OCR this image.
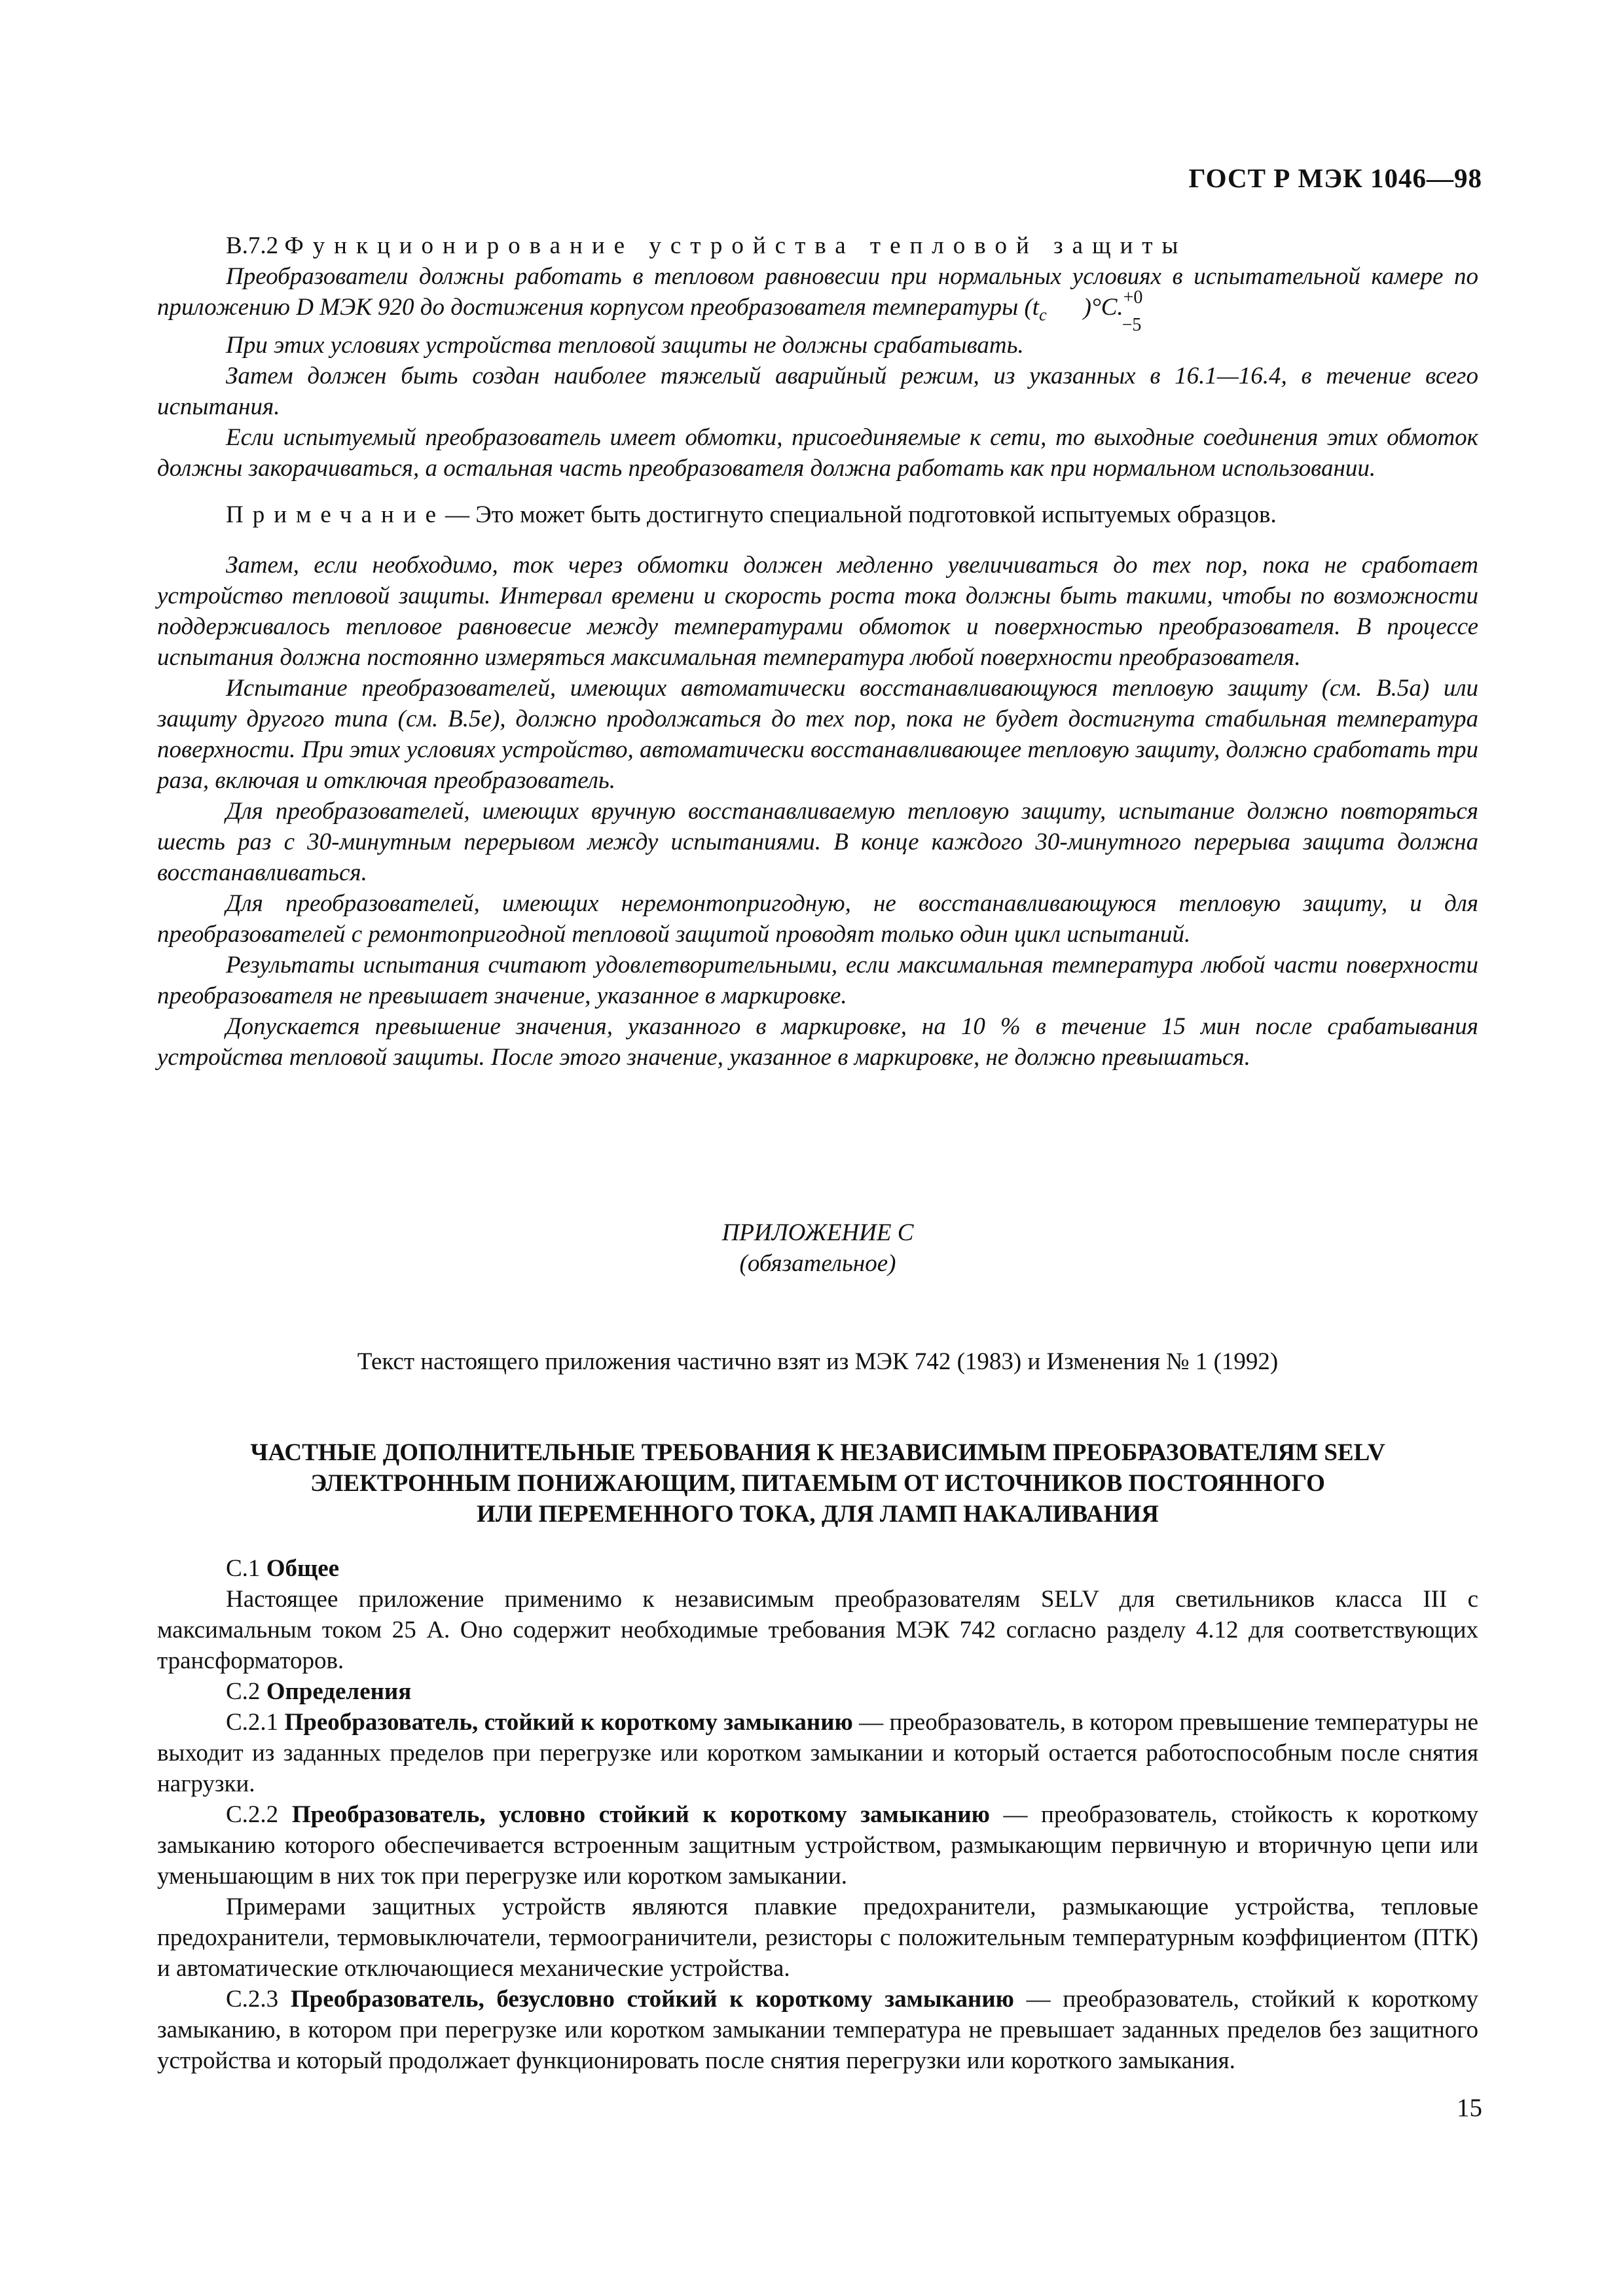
ГОСТ Р МЭК 1046—98

B.7.2 Функционирование устройства тепловой защиты

Преобразователи должны работать в тепловом равновесии при нормальных условиях в испытательной камере по приложению D МЭК 920 до достижения корпусом преобразователя температуры ($t_c$
+0
−5
)°C.

При этих условиях устройства тепловой защиты не должны срабатывать.

Затем должен быть создан наиболее тяжелый аварийный режим, из указанных в 16.1—16.4, в течение всего испытания.

Если испытуемый преобразователь имеет обмотки, присоединяемые к сети, то выходные соединения этих обмоток должны закорачиваться, а остальная часть преобразователя должна работать как при нормальном использовании.

Примечание— Это может быть достигнуто специальной подготовкой испытуемых образцов.

Затем, если необходимо, ток через обмотки должен медленно увеличиваться до тех пор, пока не сработает устройство тепловой защиты. Интервал времени и скорость роста тока должны быть такими, чтобы по возможности поддерживалось тепловое равновесие между температурами обмоток и поверхностью преобразователя. В процессе испытания должна постоянно измеряться максимальная температура любой поверхности преобразователя.

Испытание преобразователей, имеющих автоматически восстанавливающуюся тепловую защиту (см. В.5а) или защиту другого типа (см. В.5е), должно продолжаться до тех пор, пока не будет достигнута стабильная температура поверхности. При этих условиях устройство, автоматически восстанавливающее тепловую защиту, должно сработать три раза, включая и отключая преобразователь.

Для преобразователей, имеющих вручную восстанавливаемую тепловую защиту, испытание должно повторяться шесть раз с 30-минутным перерывом между испытаниями. В конце каждого 30-минутного перерыва защита должна восстанавливаться.

Для преобразователей, имеющих неремонтопригодную, не восстанавливающуюся тепловую защиту, и для преобразователей с ремонтопригодной тепловой защитой проводят только один цикл испытаний.

Результаты испытания считают удовлетворительными, если максимальная температура любой части поверхности преобразователя не превышает значение, указанное в маркировке.

Допускается превышение значения, указанного в маркировке, на 10 % в течение 15 мин после срабатывания устройства тепловой защиты. После этого значение, указанное в маркировке, не должно превышаться.

ПРИЛОЖЕНИЕ С

(обязательное)

Текст настоящего приложения частично взят из МЭК 742 (1983) и Изменения № 1 (1992)

ЧАСТНЫЕ ДОПОЛНИТЕЛЬНЫЕ ТРЕБОВАНИЯ К НЕЗАВИСИМЫМ ПРЕОБРАЗОВАТЕЛЯМ SELV

ЭЛЕКТРОННЫМ ПОНИЖАЮЩИМ, ПИТАЕМЫМ ОТ ИСТОЧНИКОВ ПОСТОЯННОГО

ИЛИ ПЕРЕМЕННОГО ТОКА, ДЛЯ ЛАМП НАКАЛИВАНИЯ

С.1 Общее

Настоящее приложение применимо к независимым преобразователям SELV для светильников класса III с максимальным током 25 А. Оно содержит необходимые требования МЭК 742 согласно разделу 4.12 для соответствующих трансформаторов.

С.2 Определения

С.2.1 Преобразователь, стойкий к короткому замыканию — преобразователь, в котором превышение температуры не выходит из заданных пределов при перегрузке или коротком замыкании и который остается работоспособным после снятия нагрузки.

С.2.2 Преобразователь, условно стойкий к короткому замыканию — преобразователь, стойкость к короткому замыканию которого обеспечивается встроенным защитным устройством, размыкающим первичную и вторичную цепи или уменьшающим в них ток при перегрузке или коротком замыкании.

Примерами защитных устройств являются плавкие предохранители, размыкающие устройства, тепловые предохранители, термовыключатели, термоограничители, резисторы с положительным температурным коэффициентом (ПТК) и автоматические отключающиеся механические устройства.

С.2.3 Преобразователь, безусловно стойкий к короткому замыканию — преобразователь, стойкий к короткому замыканию, в котором при перегрузке или коротком замыкании температура не превышает заданных пределов без защитного устройства и который продолжает функционировать после снятия перегрузки или короткого замыкания.

15
